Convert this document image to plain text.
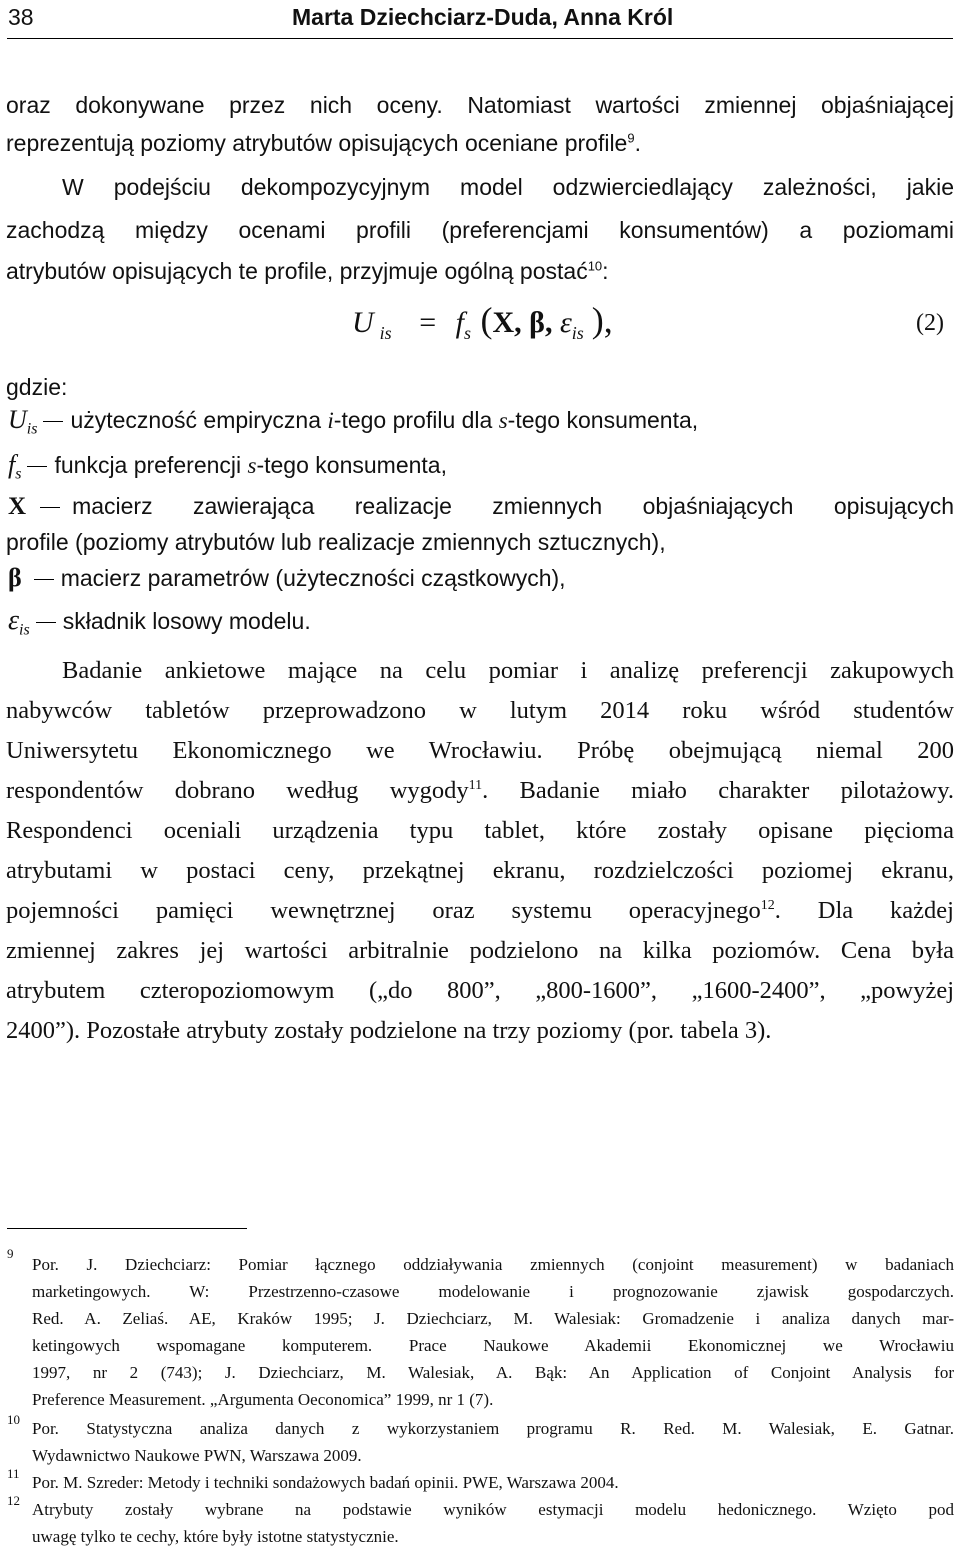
38	Marta Dziechciarz-Duda, Anna Król
oraz dokonywane przez nich oceny. Natomiast wartości zmiennej objaśniającej
reprezentują poziomy atrybutów opisujących oceniane profile$^9$.
W podejściu dekompozycyjnym model odzwierciedlający zależności, jakie
zachodzą między ocenami profili (preferencjami konsumentów) a poziomami
atrybutów opisujących te profile, przyjmuje ogólną postać$^{10}$:
U $_{is} = f_s$ (X, β, $\varepsilon_{is}$ ),	(2)
gdzie:
$U_{is}$ użyteczność empiryczna i-tego profilu dla s-tego konsumenta,
$f_s$ funkcja preferencji s-tego konsumenta,
X macierz zawierająca realizacje zmiennych objaśniających opisujących
profile (poziomy atrybutów lub realizacje zmiennych sztucznych),
β macierz parametrów (użyteczności cząstkowych),
$\varepsilon_{is}$ składnik losowy modelu.
Badanie ankietowe mające na celu pomiar i analizę preferencji zakupowych
nabywców tabletów przeprowadzono w lutym 2014 roku wśród studentów
Uniwersytetu Ekonomicznego we Wrocławiu. Próbę obejmującą niemal 200
respondentów dobrano według wygody$^{11}$. Badanie miało charakter pilotażowy.
Respondenci oceniali urządzenia typu tablet, które zostały opisane pięcioma
atrybutami w postaci ceny, przekątnej ekranu, rozdzielczości poziomej ekranu,
pojemności pamięci wewnętrznej oraz systemu operacyjnego$^{12}$. Dla każdej
zmiennej zakres jej wartości arbitralnie podzielono na kilka poziomów. Cena była
atrybutem czteropoziomowym („do 800”, „800-1600”, „1600-2400”, „powyżej
2400”). Pozostałe atrybuty zostały podzielone na trzy poziomy (por. tabela 3).
9
Por. J. Dziechciarz: Pomiar łącznego oddziaływania zmiennych (conjoint measurement) w badaniach
marketingowych. W: Przestrzenno-czasowe modelowanie i prognozowanie zjawisk gospodarczych.
Red. A. Zeliaś. AE, Kraków 1995; J. Dziechciarz, M. Walesiak: Gromadzenie i analiza danych mar-
ketingowych wspomagane komputerem. Prace Naukowe Akademii Ekonomicznej we Wrocławiu
1997, nr 2 (743); J. Dziechciarz, M. Walesiak, A. Bąk: An Application of Conjoint Analysis for
Preference Measurement. „Argumenta Oeconomica” 1999, nr 1 (7).
10 Por. Statystyczna analiza danych z wykorzystaniem programu R. Red. M. Walesiak, E. Gatnar.
Wydawnictwo Naukowe PWN, Warszawa 2009.
11 Por. M. Szreder: Metody i techniki sondażowych badań opinii. PWE, Warszawa 2004.
12 Atrybuty zostały wybrane na podstawie wyników estymacji modelu hedonicznego. Wzięto pod
uwagę tylko te cechy, które były istotne statystycznie.
